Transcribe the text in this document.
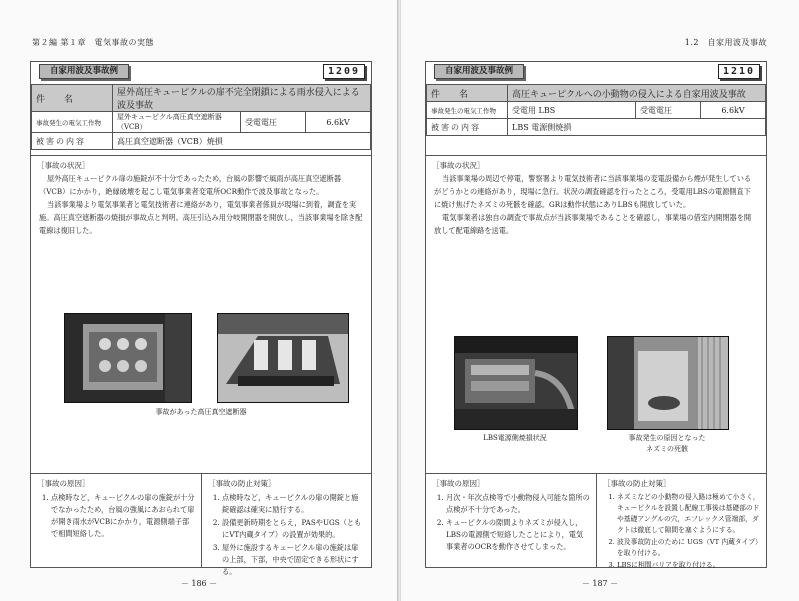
第２編 第１章　電気事故の実態
自家用波及事故例	1209
件　名	屋外高圧キューピクルの扉不完全閉鎖による雨水侵入による波及事故		
事故発生の電気工作物	屋外キューピクル高圧真空遮断器（VCB）	受電電圧	6.6kV
被害の内容	高圧真空遮断器（VCB）焼損		
［事故の状況］

屋外高圧キューピクル扉の施錠が不十分であったため，台風の影響で風雨が高圧真空遮断器（VCB）にかかり，絶縁破壊を起こし電気事業者変電所OCR動作で波及事故となった。

当該事業場より電気事業者と電気技術者に連絡があり，電気事業者係員が現場に到着，調査を実施。高圧真空遮断器の焼損が事故点と判明。高圧引込み用分岐開閉器を開放し，当該事業場を除き配電線は復旧した。

事故があった高圧真空遮断器
［事故の原因］
1. 点検時など，キューピクルの扉の施錠が十分でなかったため，台風の強風にあおられて扉が開き雨水がVCBにかかり，電源側端子部で相間短絡した。
［事故の防止対策］
1. 点検時など，キューピクルの扉の開錠と施錠確認は確実に励行する。
2. 設備更新時期をとらえ，PASやUGS（ともにVT内蔵タイプ）の設置が効果的。
3. 屋外に施設するキューピクル扉の施錠は扉の上部，下部，中央で固定できる形状にする。
－ 186 －
1.2　自家用波及事故
自家用波及事故例	1210
件　名	高圧キューピクルへの小動物の侵入による自家用波及事故		
事故発生の電気工作物	受電用 LBS	受電電圧	6.6kV
被害の内容	LBS 電源側焼損		
［事故の状況］

当該事業場の周辺で停電，警察署より電気技術者に当該事業場の変電設備から煙が発生しているがどうかとの連絡があり，現場に急行。状況の調査確認を行ったところ，受電用LBSの電源側直下に焼け焦げたネズミの死骸を確認。GRは動作状態にありLBSも開放していた。

電気事業者は独自の調査で事故点が当該事業場であることを確認し，事業場の借室内開閉器を開放して配電線路を送電。

LBS電源側焼損状況	事故発生の原因となった
ネズミの死骸
［事故の原因］
1. 月次・年次点検等で小動物侵入可能な箇所の点検が不十分であった。
2. キューピクルの隙間よりネズミが侵入し，LBSの電源側で短絡したことにより，電気事業者のOCRを動作させてしまった。
［事故の防止対策］
1. ネズミなどの小動物の侵入路は極めて小さく，キューピクルを設置し配線工事後は基礎部のドや基礎アングルの穴，エフレックス管端部，ダクトは徹底して隙間を塞ぐようにする。
2. 波及事故防止のために UGS（VT 内蔵タイプ）を取り付ける。
3. LBSに相間バリアを取り付ける。
－ 187 －
